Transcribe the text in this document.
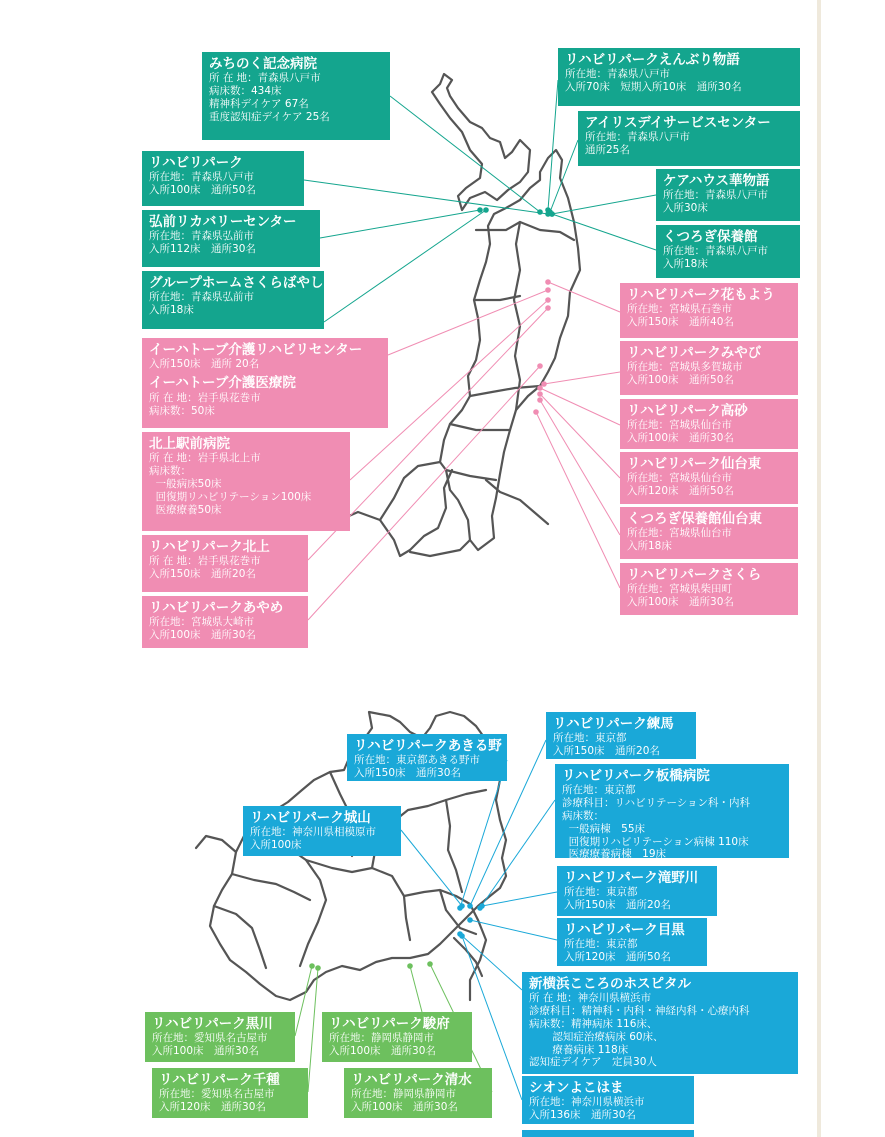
みちのく記念病院
所 在 地：青森県八戸市
病床数：434床
精神科デイケア 67名
重度認知症デイケア 25名
リハビリパークえんぶり物語
所在地：青森県八戸市
入所70床　短期入所10床　通所30名
アイリスデイサービスセンター
所在地：青森県八戸市
通所25名
リハビリパーク
所在地：青森県八戸市
入所100床　通所50名
ケアハウス華物語
所在地：青森県八戸市
入所30床
弘前リカバリーセンター
所在地：青森県弘前市
入所112床　通所30名
くつろぎ保養館
所在地：青森県八戸市
入所18床
グループホームさくらばやし
所在地：青森県弘前市
入所18床
リハビリパーク花もよう
所在地：宮城県石巻市
入所150床　通所40名
イーハトーブ介護リハビリセンター
入所150床　通所 20名
イーハトーブ介護医療院
所 在 地：岩手県花巻市
病床数：50床
リハビリパークみやび
所在地：宮城県多賀城市
入所100床　通所50名
リハビリパーク高砂
所在地：宮城県仙台市
入所100床　通所30名
北上駅前病院
所 在 地：岩手県北上市
病床数：
一般病床50床
回復期リハビリテーション100床
医療療養50床
リハビリパーク仙台東
所在地：宮城県仙台市
入所120床　通所50名
くつろぎ保養館仙台東
所在地：宮城県仙台市
入所18床
リハビリパーク北上
所 在 地：岩手県花巻市
入所150床　通所20名	リハビリパークさくら
所在地：宮城県柴田町
入所100床　通所30名
リハビリパークあやめ
所在地：宮城県大崎市
入所100床　通所30名
リハビリパーク練馬
所在地：東京都
入所150床　通所20名
リハビリパークあきる野
所在地：東京都あきる野市
入所150床　通所30名	リハビリパーク板橋病院
所在地：東京都
診療科目：リハビリテーション科・内科
病床数：
一般病棟　55床
回復期リハビリテーション病棟 110床
医療療養病棟　19床
リハビリパーク城山
所在地：神奈川県相模原市
入所100床
リハビリパーク滝野川
所在地：東京都
入所150床　通所20名
リハビリパーク目黒
所在地：東京都
入所120床　通所50名
新横浜こころのホスピタル
所 在 地：神奈川県横浜市
診療科目：精神科・内科・神経内科・心療内科
病床数：精神病床 116床、
認知症治療病床 60床、
療養病床 118床
認知症デイケア　定員30人
リハビリパーク黒川
所在地：愛知県名古屋市
入所100床　通所30名
リハビリパーク駿府
所在地：静岡県静岡市
入所100床　通所30名
リハビリパーク千種
所在地：愛知県名古屋市
入所120床　通所30名
リハビリパーク清水
所在地：静岡県静岡市
入所100床　通所30名
シオンよこはま
所在地：神奈川県横浜市
入所136床　通所30名
